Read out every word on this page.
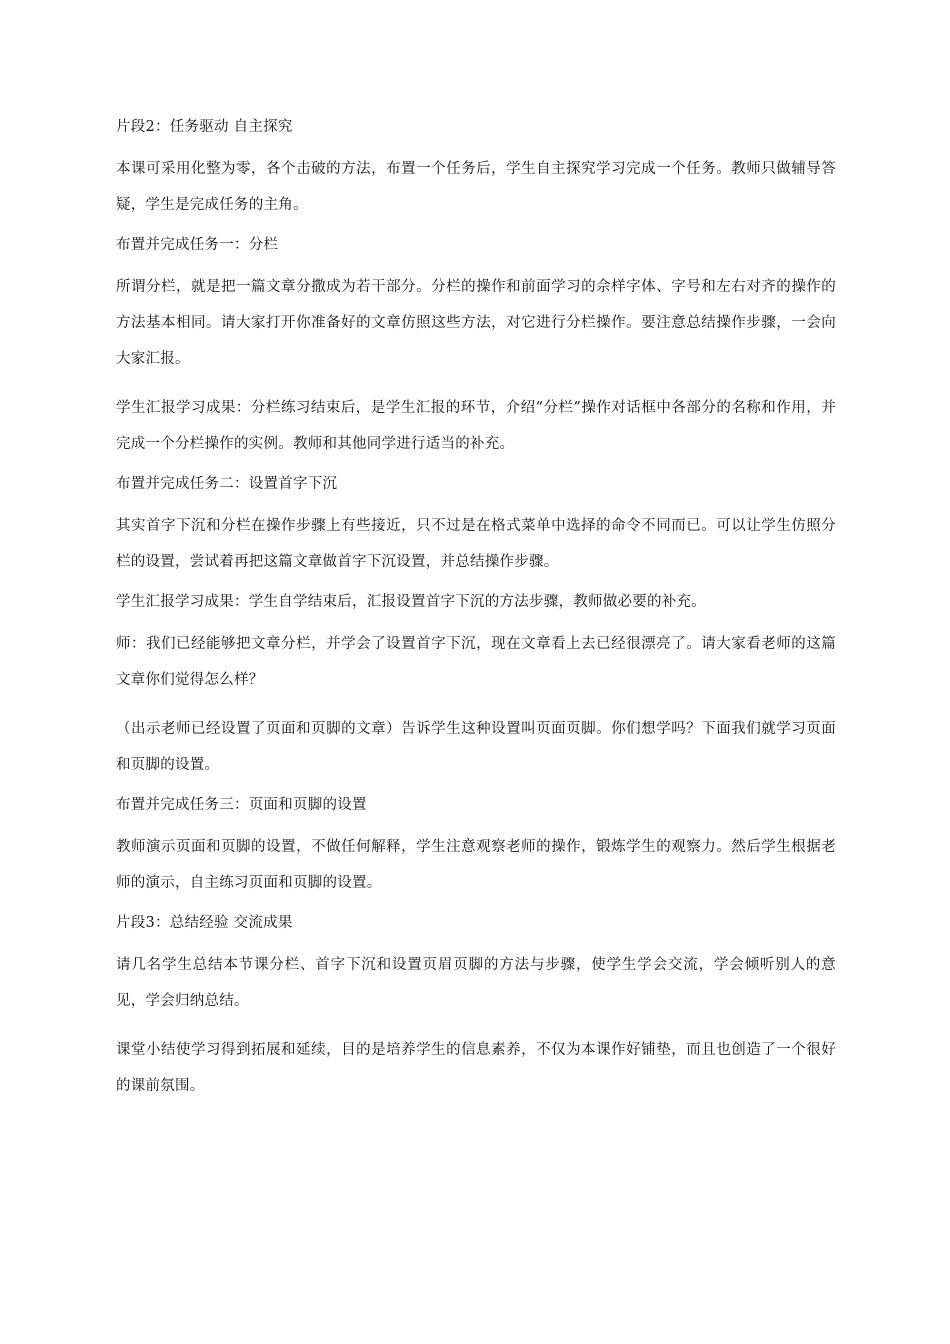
片段2：任务驱动 自主探究

本课可采用化整为零，各个击破的方法，布置一个任务后，学生自主探究学习完成一个任务。教师只做辅导答疑，学生是完成任务的主角。

布置并完成任务一：分栏

所谓分栏，就是把一篇文章分撒成为若干部分。分栏的操作和前面学习的佘样字体、字号和左右对齐的操作的方法基本相同。请大家打开你准备好的文章仿照这些方法，对它进行分栏操作。要注意总结操作步骤，一会向大家汇报。

学生汇报学习成果：分栏练习结束后，是学生汇报的环节，介绍“分栏”操作对话框中各部分的名称和作用，并完成一个分栏操作的实例。教师和其他同学进行适当的补充。

布置并完成任务二：设置首字下沉

其实首字下沉和分栏在操作步骤上有些接近，只不过是在格式菜单中选择的命令不同而已。可以让学生仿照分栏的设置，尝试着再把这篇文章做首字下沉设置，并总结操作步骤。

学生汇报学习成果：学生自学结束后，汇报设置首字下沉的方法步骤，教师做必要的补充。

师：我们已经能够把文章分栏，并学会了设置首字下沉，现在文章看上去已经很漂亮了。请大家看老师的这篇文章你们觉得怎么样？

（出示老师已经设置了页面和页脚的文章）告诉学生这种设置叫页面页脚。你们想学吗？下面我们就学习页面和页脚的设置。

布置并完成任务三：页面和页脚的设置

教师演示页面和页脚的设置，不做任何解释，学生注意观察老师的操作，锻炼学生的观察力。然后学生根据老师的演示，自主练习页面和页脚的设置。

片段3：总结经验 交流成果

请几名学生总结本节课分栏、首字下沉和设置页眉页脚的方法与步骤，使学生学会交流，学会倾听别人的意见，学会归纳总结。

课堂小结使学习得到拓展和延续，目的是培养学生的信息素养，不仅为本课作好铺垫，而且也创造了一个很好的课前氛围。
